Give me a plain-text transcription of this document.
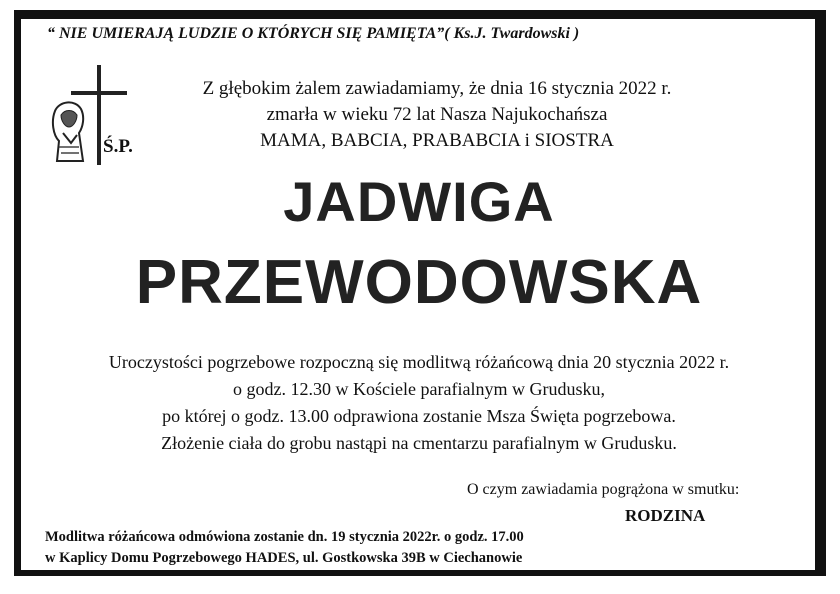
“ NIE UMIERAJĄ LUDZIE O KTÓRYCH SIĘ PAMIĘTA”( Ks.J. Twardowski )
Ś.P.
Z głębokim żalem zawiadamiamy, że dnia 16 stycznia 2022 r.
zmarła w wieku 72 lat Nasza Najukochańsza
MAMA, BABCIA, PRABABCIA i SIOSTRA
JADWIGA
PRZEWODOWSKA
Uroczystości pogrzebowe rozpoczną się modlitwą różańcową dnia 20 stycznia 2022 r.
o godz. 12.30 w Kościele parafialnym w Grudusku,
po której o godz. 13.00 odprawiona zostanie Msza Święta pogrzebowa.
Złożenie ciała do grobu nastąpi na cmentarzu parafialnym w Grudusku.
O czym zawiadamia pogrążona w smutku:
RODZINA
Modlitwa różańcowa odmówiona zostanie dn. 19 stycznia 2022r. o godz. 17.00
w Kaplicy Domu Pogrzebowego HADES, ul. Gostkowska 39B w Ciechanowie
DRUK: Z.U.P. "HADES" R.Żurawski tel. 23 672 14 88, 23 672 31 18, 662 198 820
